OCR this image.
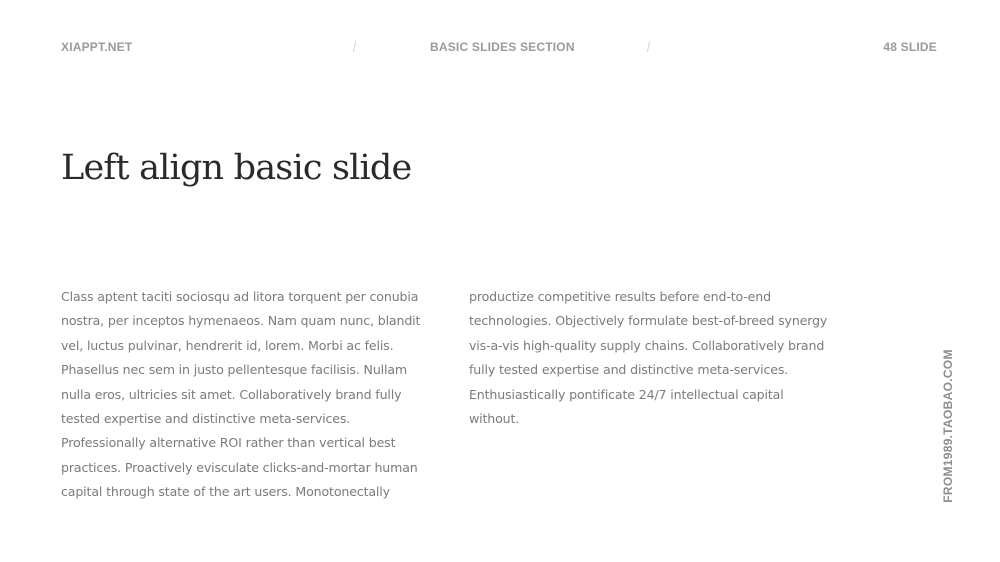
XIAPPT.NET	BASIC SLIDES SECTION	48 SLIDE
Left align basic slide

Class aptent taciti sociosqu ad litora torquent per conubia nostra, per inceptos hymenaeos. Nam quam nunc, blandit vel, luctus pulvinar, hendrerit id, lorem. Morbi ac felis. Phasellus nec sem in justo pellentesque facilisis. Nullam nulla eros, ultricies sit amet. Collaboratively brand fully tested expertise and distinctive meta-services. Professionally alternative ROI rather than vertical best practices. Proactively evisculate clicks-and-mortar human capital through state of the art users. Monotonectally

productize competitive results before end-to-end technologies. Objectively formulate best-of-breed synergy vis-a-vis high-quality supply chains. Collaboratively brand fully tested expertise and distinctive meta-services. Enthusiastically pontificate 24/7 intellectual capital without.	FROM1989.TAOBAO.COM
